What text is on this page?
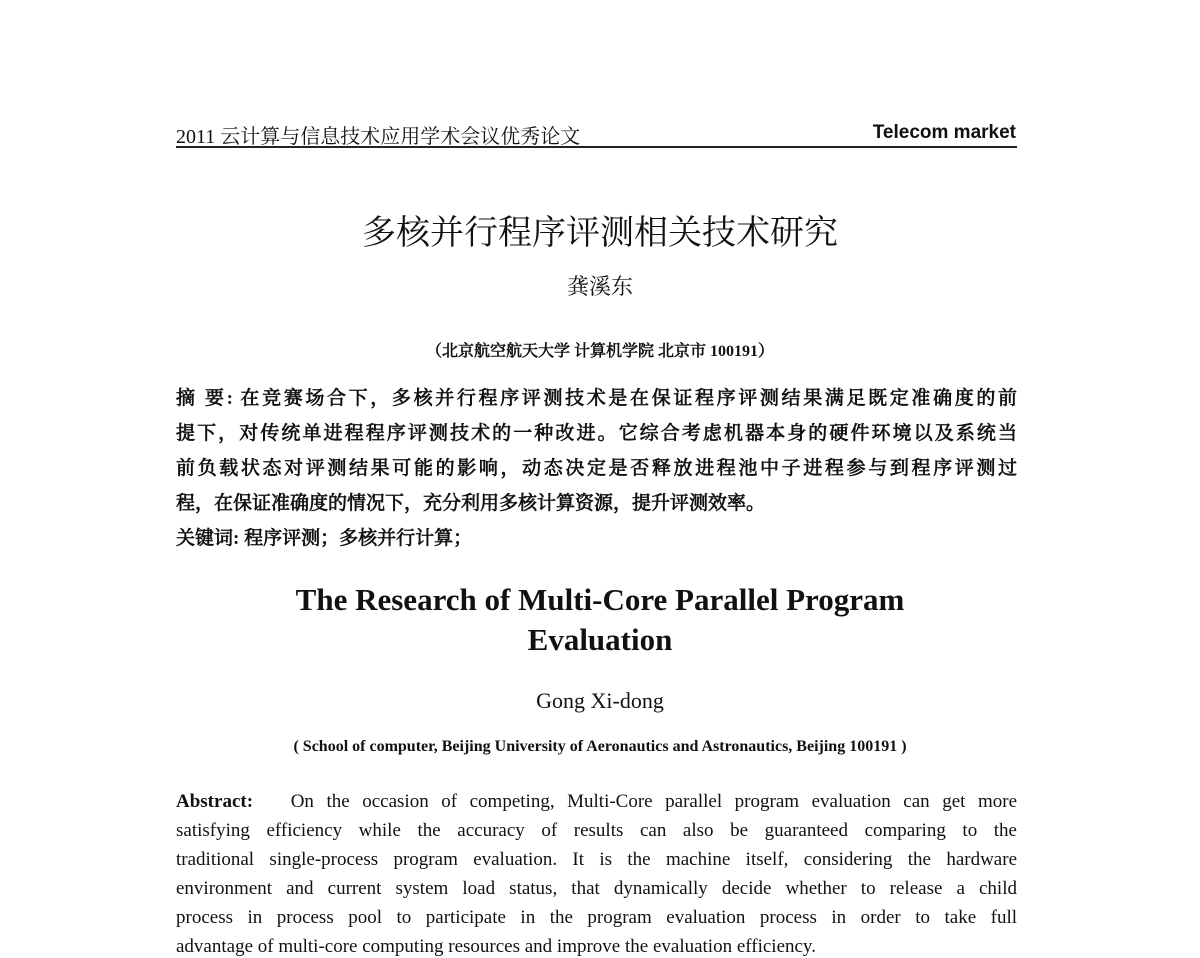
2011 云计算与信息技术应用学术会议优秀论文	Telecom market
多核并行程序评测相关技术研究
龚溪东
（北京航空航天大学 计算机学院 北京市 100191）
摘 要: 在竞赛场合下，多核并行程序评测技术是在保证程序评测结果满足既定准确度的前
提下，对传统单进程程序评测技术的一种改进。它综合考虑机器本身的硬件环境以及系统当
前负载状态对评测结果可能的影响，动态决定是否释放进程池中子进程参与到程序评测过
程，在保证准确度的情况下，充分利用多核计算资源，提升评测效率。
关键词: 程序评测；多核并行计算；
The Research of Multi-Core Parallel Program
Evaluation
Gong Xi-dong
( School of computer, Beijing University of Aeronautics and Astronautics, Beijing 100191 )
Abstract: On the occasion of competing, Multi-Core parallel program evaluation can get more
satisfying efficiency while the accuracy of results can also be guaranteed comparing to the
traditional single-process program evaluation. It is the machine itself, considering the hardware
environment and current system load status, that dynamically decide whether to release a child
process in process pool to participate in the program evaluation process in order to take full
advantage of multi-core computing resources and improve the evaluation efficiency.
